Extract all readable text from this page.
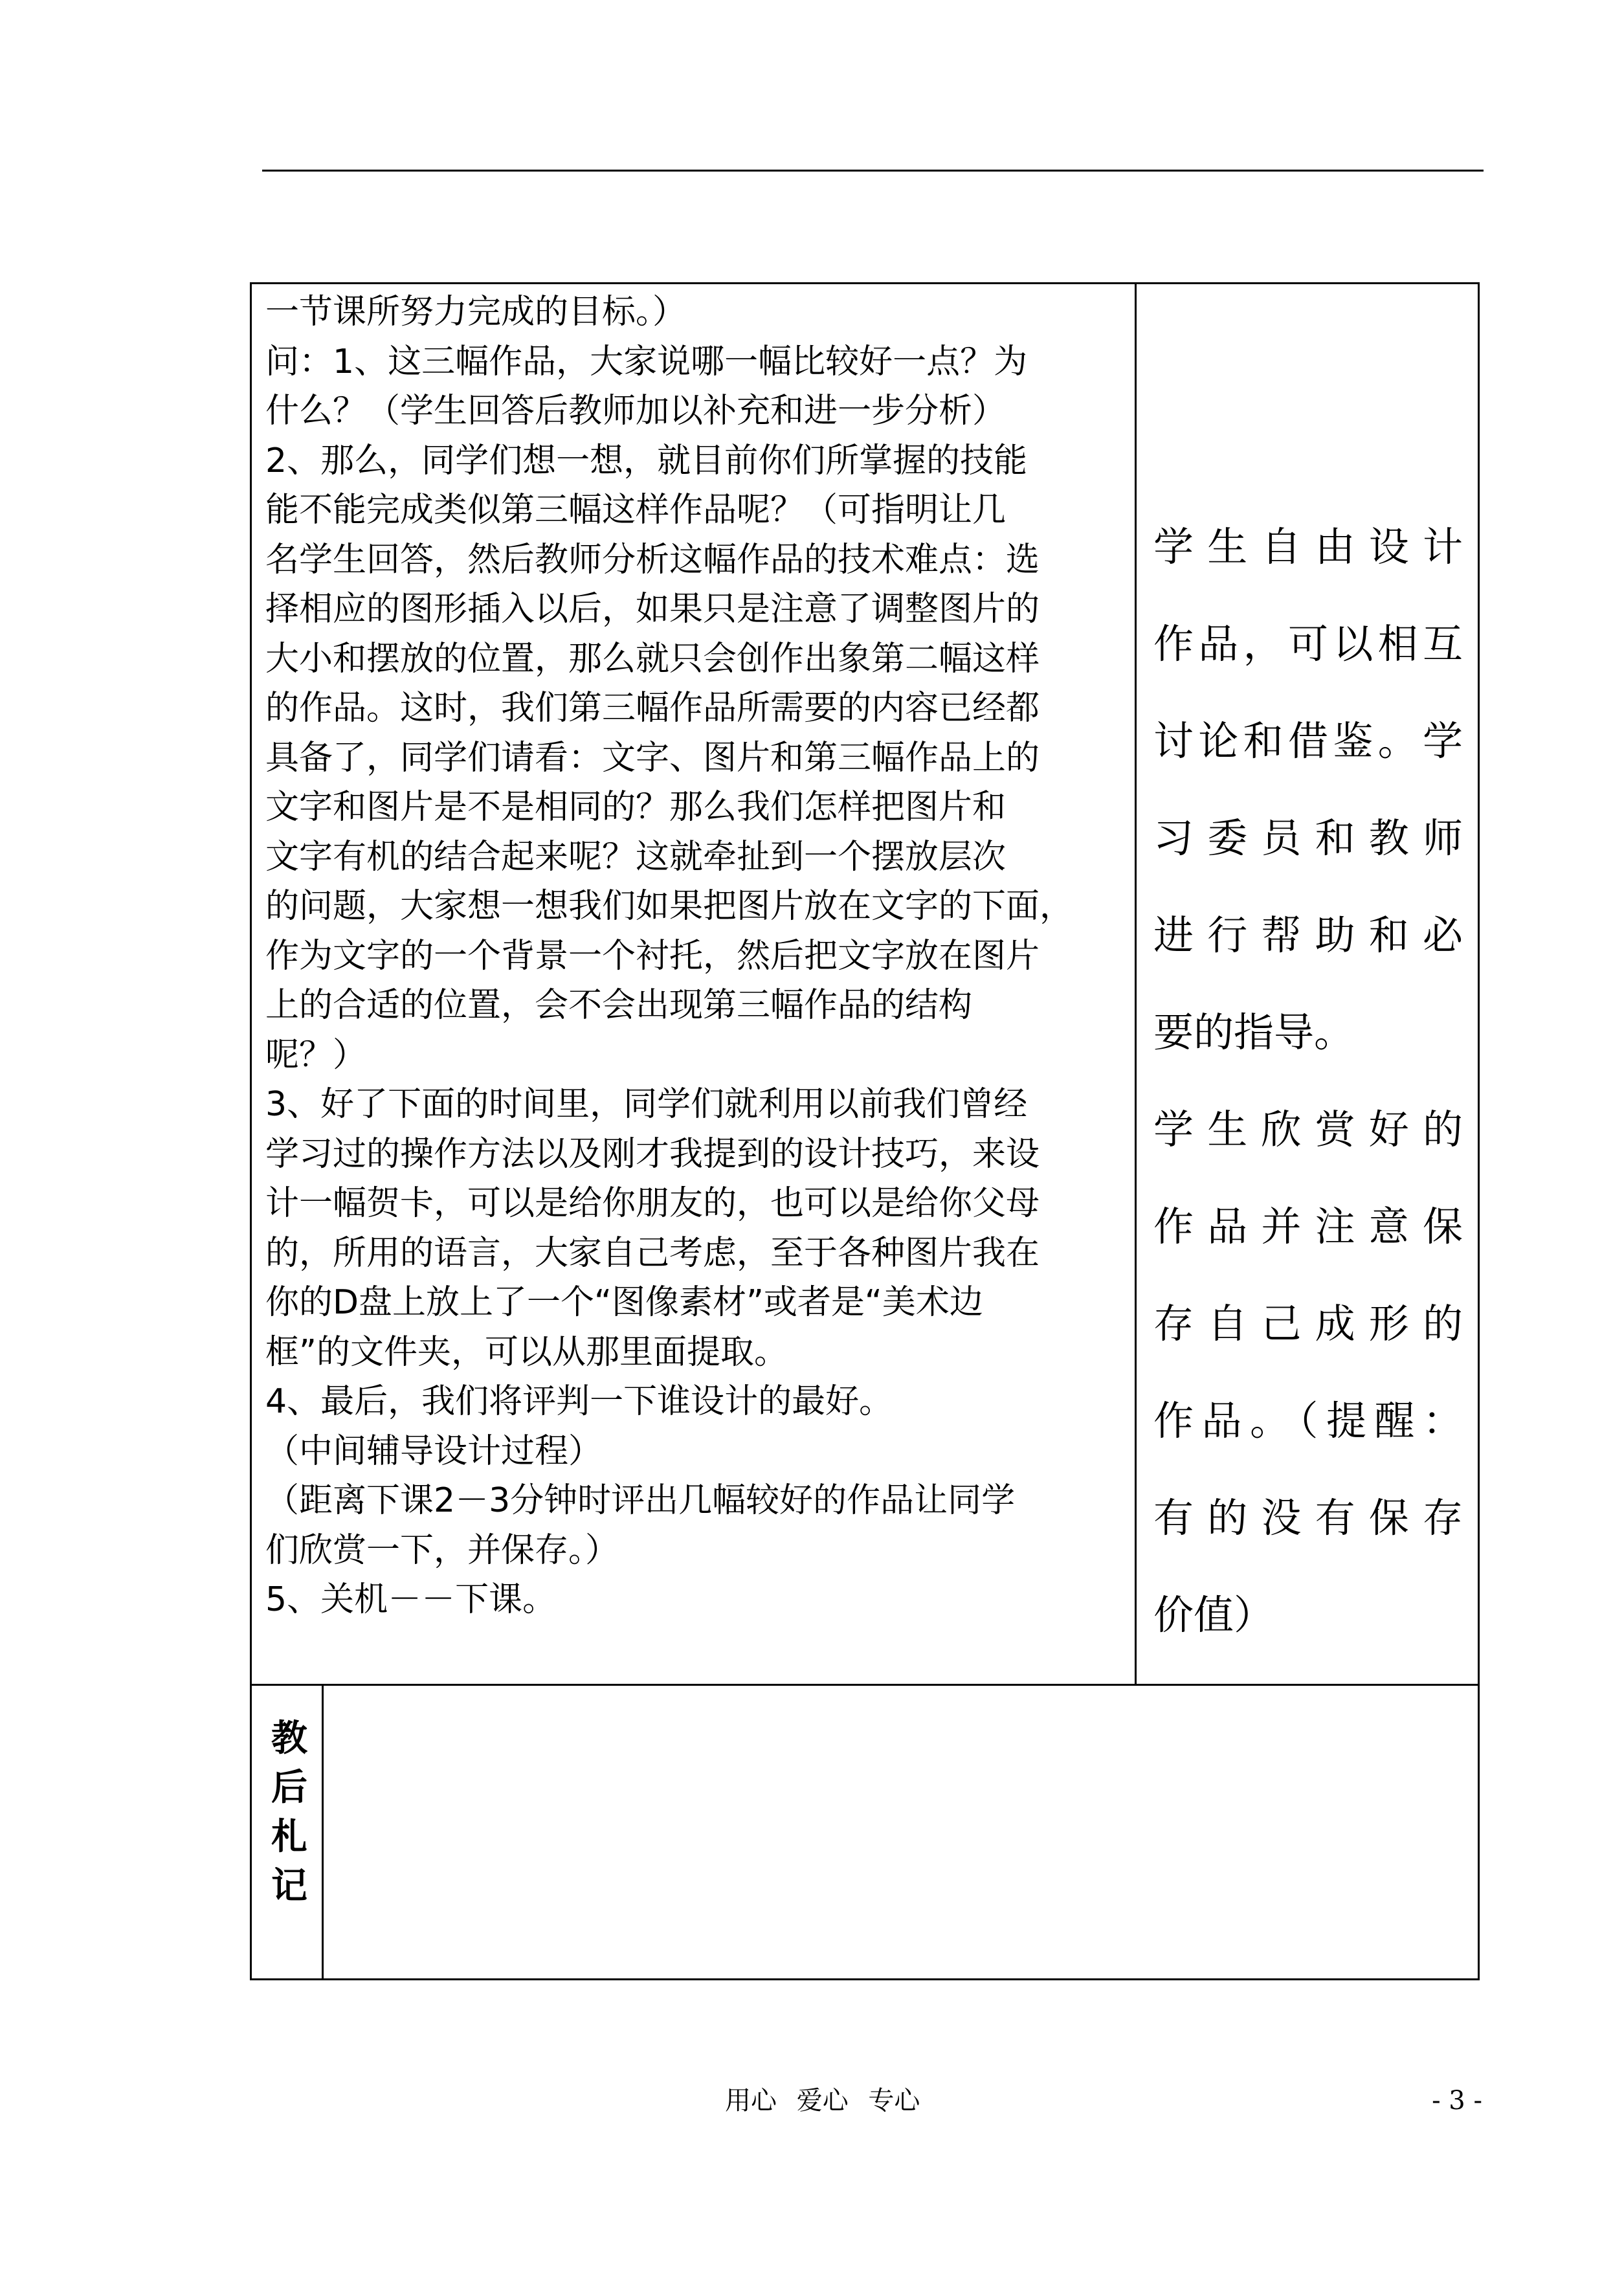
一节课所努力完成的目标。）
问：1、这三幅作品，大家说哪一幅比较好一点？为
什么？（学生回答后教师加以补充和进一步分析）
2、那么，同学们想一想，就目前你们所掌握的技能
能不能完成类似第三幅这样作品呢？（可指明让几
名学生回答，然后教师分析这幅作品的技术难点：选
择相应的图形插入以后，如果只是注意了调整图片的
大小和摆放的位置，那么就只会创作出象第二幅这样
的作品。这时，我们第三幅作品所需要的内容已经都
具备了，同学们请看：文字、图片和第三幅作品上的
文字和图片是不是相同的？那么我们怎样把图片和
文字有机的结合起来呢？这就牵扯到一个摆放层次
的问题，大家想一想我们如果把图片放在文字的下面，
作为文字的一个背景一个衬托，然后把文字放在图片
上的合适的位置，会不会出现第三幅作品的结构
呢？）
3、好了下面的时间里，同学们就利用以前我们曾经
学习过的操作方法以及刚才我提到的设计技巧，来设
计一幅贺卡，可以是给你朋友的，也可以是给你父母
的，所用的语言，大家自己考虑，至于各种图片我在
你的D盘上放上了一个“图像素材”或者是“美术边
框”的文件夹，可以从那里面提取。
4、最后，我们将评判一下谁设计的最好。
（中间辅导设计过程）
（距离下课2－3分钟时评出几幅较好的作品让同学
们欣赏一下，并保存。）
5、关机－－下课。
学生自由设计
作品，可以相互
讨论和借鉴。学
习委员和教师
进行帮助和必
要的指导。
学生欣赏好的
作品并注意保
存自己成形的
作品。（提醒：
有的没有保存
价值）
教
后
札
记
用心 爱心 专心	- 3 -
